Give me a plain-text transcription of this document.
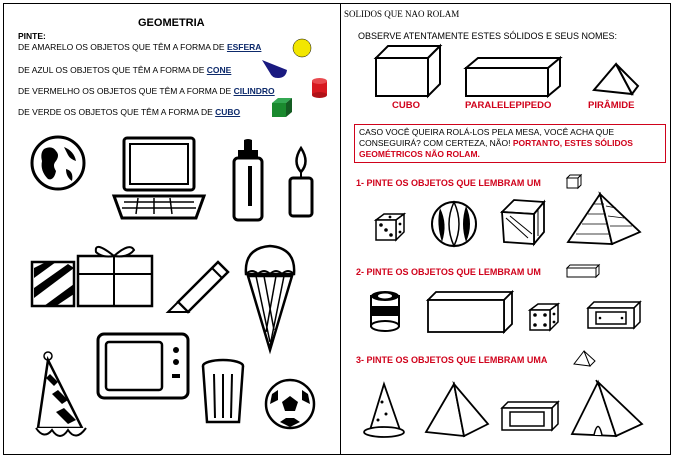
GEOMETRIA
PINTE:
DE AMARELO OS OBJETOS QUE TÊM A FORMA DE ESFERA
DE AZUL OS OBJETOS QUE TÊM A FORMA DE CONE
DE VERMELHO OS OBJETOS QUE TÊM A FORMA DE CILINDRO
DE VERDE OS OBJETOS QUE TÊM A FORMA DE CUBO
SOLIDOS QUE NAO ROLAM
OBSERVE ATENTAMENTE ESTES SÓLIDOS E SEUS NOMES:
CUBO	PARALELEPIPEDO	PIRÂMIDE
CASO VOCÊ QUEIRA ROLÁ-LOS PELA MESA, VOCÊ ACHA QUE CONSEGUIRÁ? COM CERTEZA, NÃO! PORTANTO, ESTES SÓLIDOS GEOMÉTRICOS NÃO ROLAM.
1- PINTE OS OBJETOS QUE LEMBRAM UM
2- PINTE OS OBJETOS QUE LEMBRAM UM
3- PINTE OS OBJETOS QUE LEMBRAM UMA
